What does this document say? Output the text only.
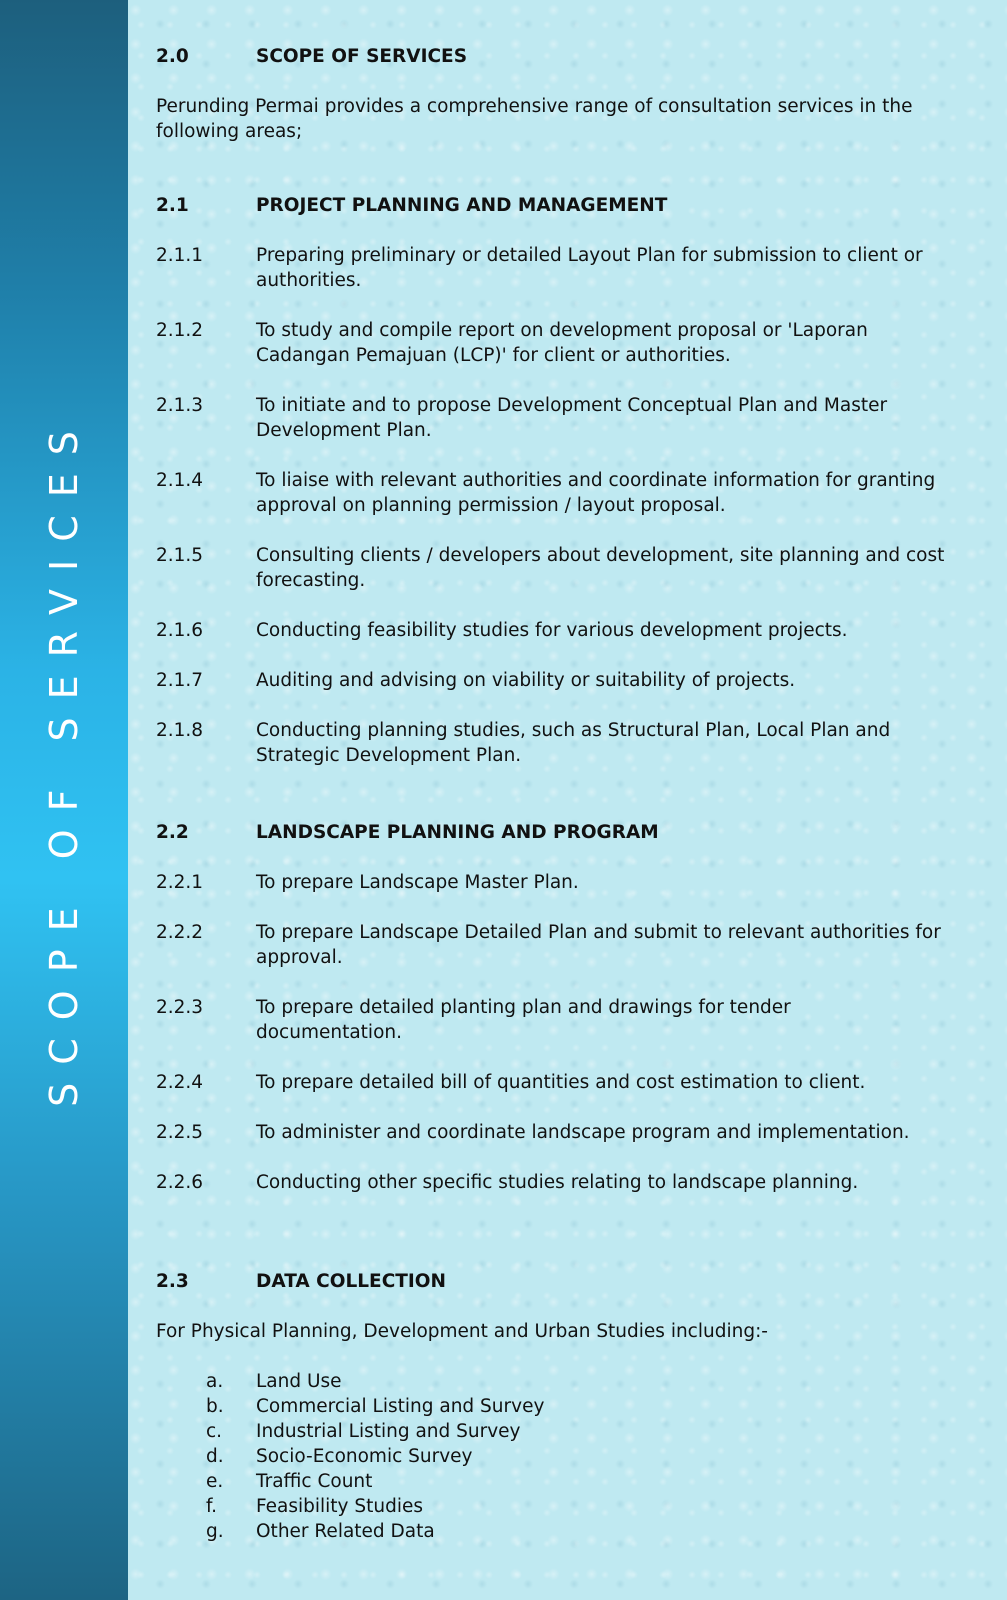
SCOPE OF SERVICES
2.0	SCOPE OF SERVICES
Perunding Permai provides a comprehensive range of consultation services in the following areas;
2.1	PROJECT PLANNING AND MANAGEMENT
2.1.1	Preparing preliminary or detailed Layout Plan for submission to client or authorities.
2.1.2	To study and compile report on development proposal or 'Laporan Cadangan Pemajuan (LCP)' for client or authorities.
2.1.3	To initiate and to propose Development Conceptual Plan and Master Development Plan.
2.1.4	To liaise with relevant authorities and coordinate information for granting approval on planning permission / layout proposal.
2.1.5	Consulting clients / developers about development, site planning and cost forecasting.
2.1.6	Conducting feasibility studies for various development projects.
2.1.7	Auditing and advising on viability or suitability of projects.
2.1.8	Conducting planning studies, such as Structural Plan, Local Plan and Strategic Development Plan.
2.2	LANDSCAPE PLANNING AND PROGRAM
2.2.1	To prepare Landscape Master Plan.
2.2.2	To prepare Landscape Detailed Plan and submit to relevant authorities for approval.
2.2.3	To prepare detailed planting plan and drawings for tender documentation.
2.2.4	To prepare detailed bill of quantities and cost estimation to client.
2.2.5	To administer and coordinate landscape program and implementation.
2.2.6	Conducting other specific studies relating to landscape planning.
2.3	DATA COLLECTION
For Physical Planning, Development and Urban Studies including:-
a. Land Use
b. Commercial Listing and Survey
c. Industrial Listing and Survey
d. Socio-Economic Survey
e. Traffic Count
f. Feasibility Studies
g. Other Related Data
